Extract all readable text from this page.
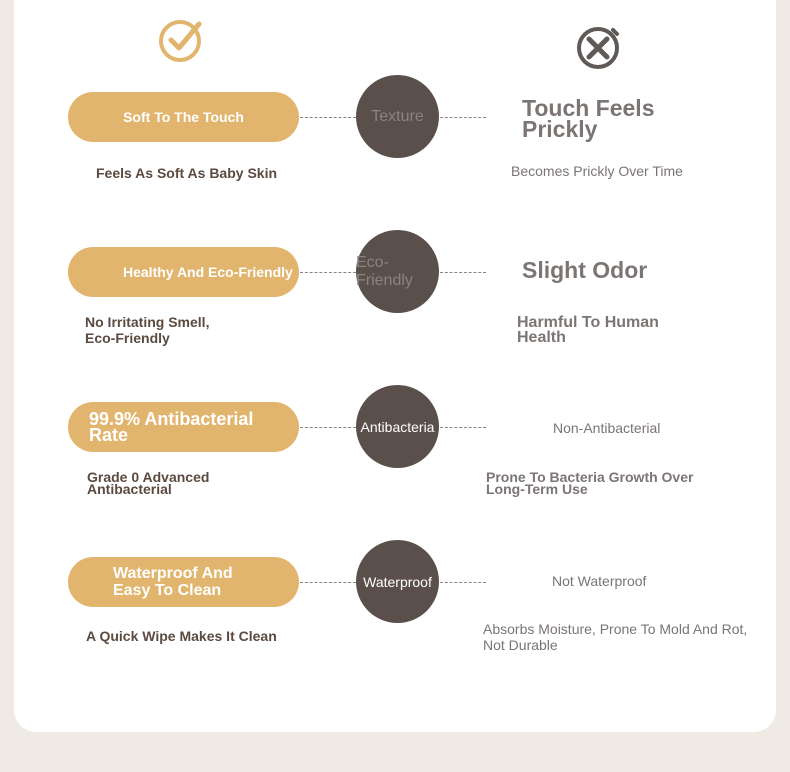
Soft To The Touch	Texture
Feels As Soft As Baby Skin
Touch Feels Prickly
Becomes Prickly Over Time
Healthy And Eco-Friendly
Eco-Friendly
No Irritating Smell, Eco-Friendly
Slight Odor
Harmful To Human Health
99.9% Antibacterial Rate	Antibacteria
Grade 0 Advanced Antibacterial
Non-Antibacterial
Prone To Bacteria Growth Over Long-Term Use
Waterproof And Easy To Clean
Waterproof
A Quick Wipe Makes It Clean
Not Waterproof
Absorbs Moisture, Prone To Mold And Rot, Not Durable
